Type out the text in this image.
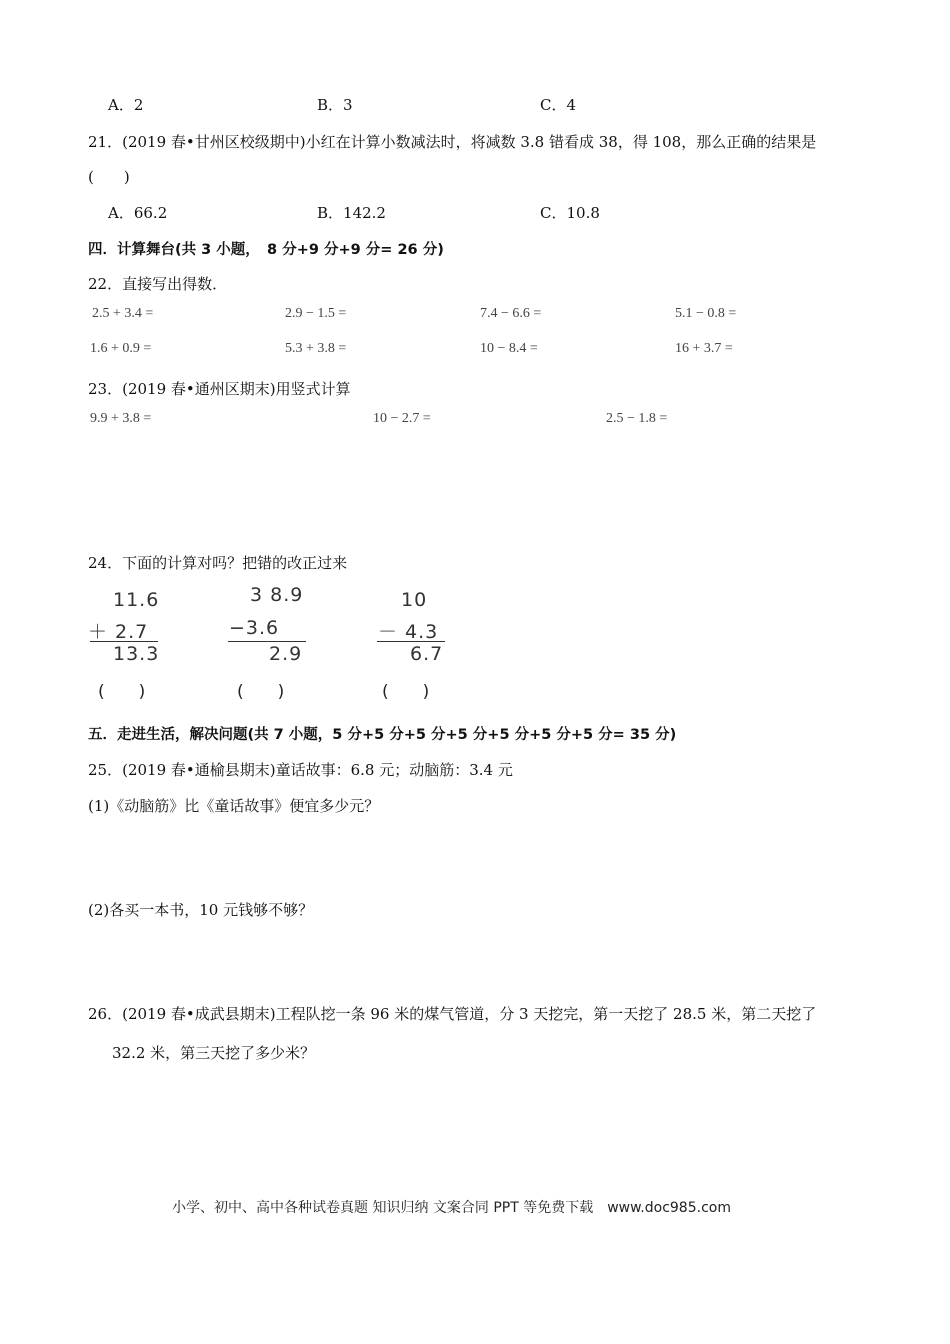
A．2	B．3	C．4
21．(2019 春•甘州区校级期中)小红在计算小数减法时，将减数 3.8 错看成 38，得 108，那么正确的结果是
(　　)
A．66.2	B．142.2	C．10.8
四．计算舞台(共 3 小题，　8 分+9 分+9 分= 26 分)
22．直接写出得数．
2.5 + 3.4 =	2.9 − 1.5 =	7.4 − 6.6 =	5.1 − 0.8 =
1.6 + 0.9 =	5.3 + 3.8 =	10 − 8.4 =	16 + 3.7 =
23．(2019 春•通州区期末)用竖式计算
9.9 + 3.8 =	10 − 2.7 =	2.5 − 1.8 =
24．下面的计算对吗？把错的改正过来
11.6
＋ 2.7
13.3
(　　)
3 8.9
−3.6
2.9
(　　)
10
－ 4.3
6.7
(　　)
五．走进生活，解决问题(共 7 小题，5 分+5 分+5 分+5 分+5 分+5 分+5 分= 35 分)
25．(2019 春•通榆县期末)童话故事：6.8 元；动脑筋：3.4 元
(1)《动脑筋》比《童话故事》便宜多少元？
(2)各买一本书，10 元钱够不够？
26．(2019 春•成武县期末)工程队挖一条 96 米的煤气管道，分 3 天挖完，第一天挖了 28.5 米，第二天挖了
32.2 米，第三天挖了多少米？
小学、初中、高中各种试卷真题 知识归纳 文案合同 PPT 等免费下载　www.doc985.com
